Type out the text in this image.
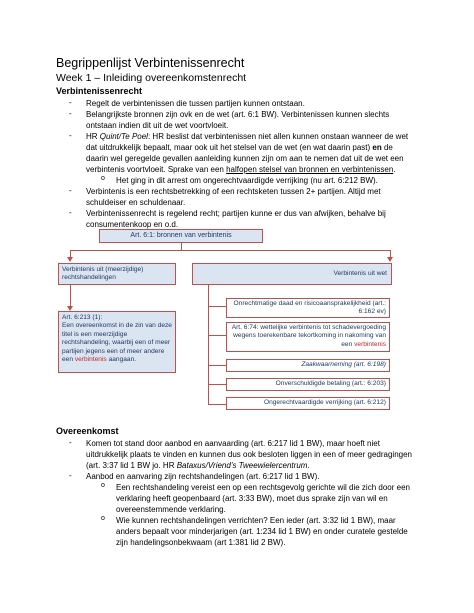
Begrippenlijst Verbintenissenrecht
Week 1 – Inleiding overeenkomstenrecht
Verbintenissenrecht
- Regelt de verbintenissen die tussen partijen kunnen ontstaan.
- Belangrijkste bronnen zijn ovk en de wet (art. 6:1 BW). Verbintenissen kunnen slechts ontstaan indien dit uit de wet voortvloeit.
- HR Quint/Te Poel: HR beslist dat verbintenissen niet allen kunnen onstaan wanneer de wet dat uitdrukkelijk bepaalt, maar ook uit het stelsel van de wet (en wat daarin past) en de daarin wel geregelde gevallen aanleiding kunnen zijn om aan te nemen dat uit de wet een verbintenis voortvloeit. Sprake van een halfopen stelsel van bronnen en verbintenissen.
o Het ging in dit arrest om ongerechtvaardigde verrijking (nu art. 6:212 BW).
- Verbintenis is een rechtsbetrekking of een rechtsketen tussen 2+ partijen. Altijd met schuldeiser en schuldenaar.
- Verbintenissenrecht is regelend recht; partijen kunne er dus van afwijken, behalve bij consumentenkoop en o.d.
Art. 6:1: bronnen van verbintenis
Verbintenis uit (meerzijdige) rechtshandelingen
Verbintenis uit wet
Art. 6:213 (1):
Een overeenkomst in de zin van deze titel is een meerzijdige rechtshandeling, waarbij een of meer partijen jegens een of meer andere een verbintenis aangaan.
Onrechtmatige daad en risicoaansprakelijkheid (art.: 6:162 ev)
Art. 6:74: wettelijke verbintenis tot schadevergoeding wegens toerekenbare tekortkoming in nakoming van een verbintenis
Zaakwaarneming (art. 6:198)
Onverschuldigde betaling (art.: 6:203)
Ongerechtvaardigde verrijking (art. 6:212)
Overeenkomst
- Komen tot stand door aanbod en aanvaarding (art. 6:217 lid 1 BW), maar hoeft niet uitdrukkelijk plaats te vinden en kunnen dus ook besloten liggen in een of meer gedragingen (art. 3:37 lid 1 BW jo. HR Bataxus/Vriend’s Tweewielercentrum.
- Aanbod en aanvaring zijn rechtshandelingen (art. 6:217 lid 1 BW).
o Een rechtshandeling vereist een op een rechtsgevolg gerichte wil die zich door een verklaring heeft geopenbaard (art. 3:33 BW), moet dus sprake zijn van wil en overeenstemmende verklaring.
o Wie kunnen rechtshandelingen verrichten? Een ieder (art. 3:32 lid 1 BW), maar anders bepaalt voor minderjarigen (art. 1:234 lid 1 BW) en onder curatele gestelde zijn handelingsonbekwaam (art 1:381 lid 2 BW).
